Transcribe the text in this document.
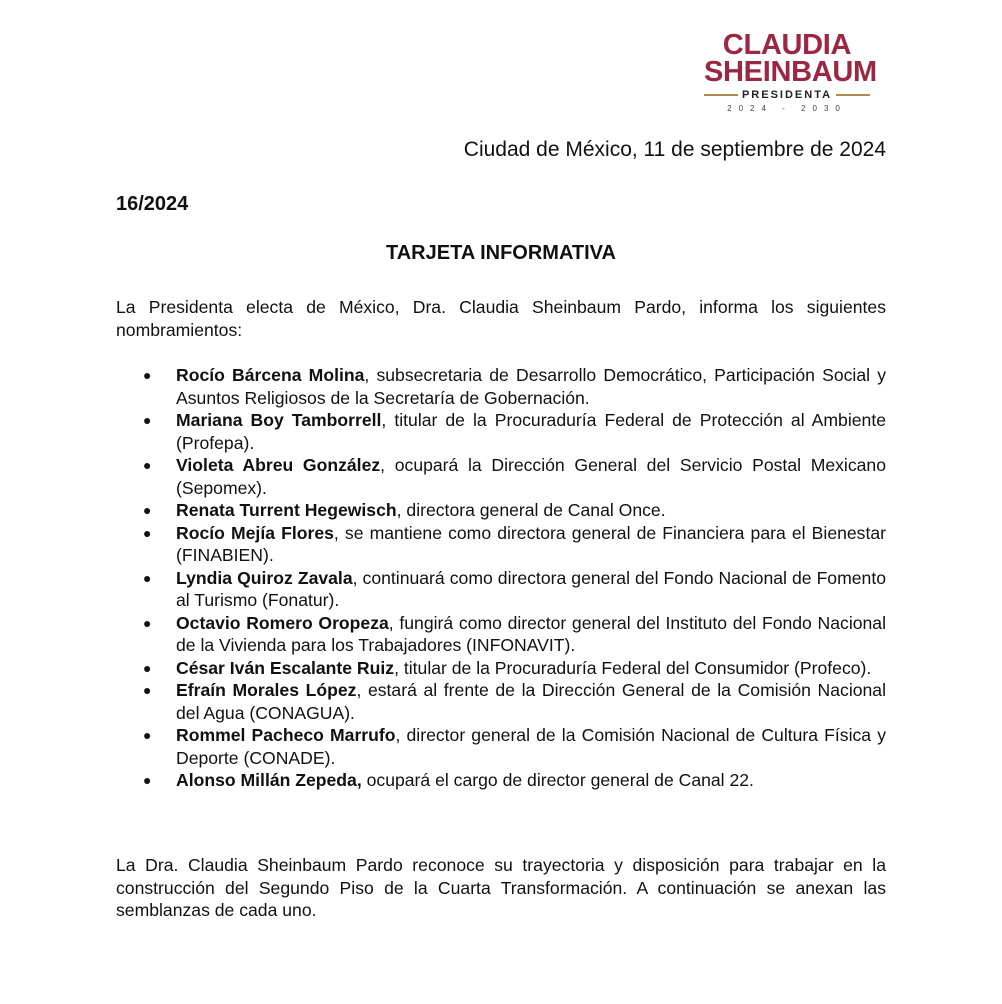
CLAUDIA
SHEINBAUM
PRESIDENTA
2024 - 2030
Ciudad de México, 11 de septiembre de 2024
16/2024
TARJETA INFORMATIVA

La Presidenta electa de México, Dra. Claudia Sheinbaum Pardo, informa los siguientes nombramientos:

● Rocío Bárcena Molina, subsecretaria de Desarrollo Democrático, Participación Social y Asuntos Religiosos de la Secretaría de Gobernación.
● Mariana Boy Tamborrell, titular de la Procuraduría Federal de Protección al Ambiente (Profepa).
● Violeta Abreu González, ocupará la Dirección General del Servicio Postal Mexicano (Sepomex).
● Renata Turrent Hegewisch, directora general de Canal Once.
● Rocío Mejía Flores, se mantiene como directora general de Financiera para el Bienestar (FINABIEN).
● Lyndia Quiroz Zavala, continuará como directora general del Fondo Nacional de Fomento al Turismo (Fonatur).
● Octavio Romero Oropeza, fungirá como director general del Instituto del Fondo Nacional de la Vivienda para los Trabajadores (INFONAVIT).
● César Iván Escalante Ruiz, titular de la Procuraduría Federal del Consumidor (Profeco).
● Efraín Morales López, estará al frente de la Dirección General de la Comisión Nacional del Agua (CONAGUA).
● Rommel Pacheco Marrufo, director general de la Comisión Nacional de Cultura Física y Deporte (CONADE).
● Alonso Millán Zepeda, ocupará el cargo de director general de Canal 22.

La Dra. Claudia Sheinbaum Pardo reconoce su trayectoria y disposición para trabajar en la construcción del Segundo Piso de la Cuarta Transformación. A continuación se anexan las semblanzas de cada uno.
